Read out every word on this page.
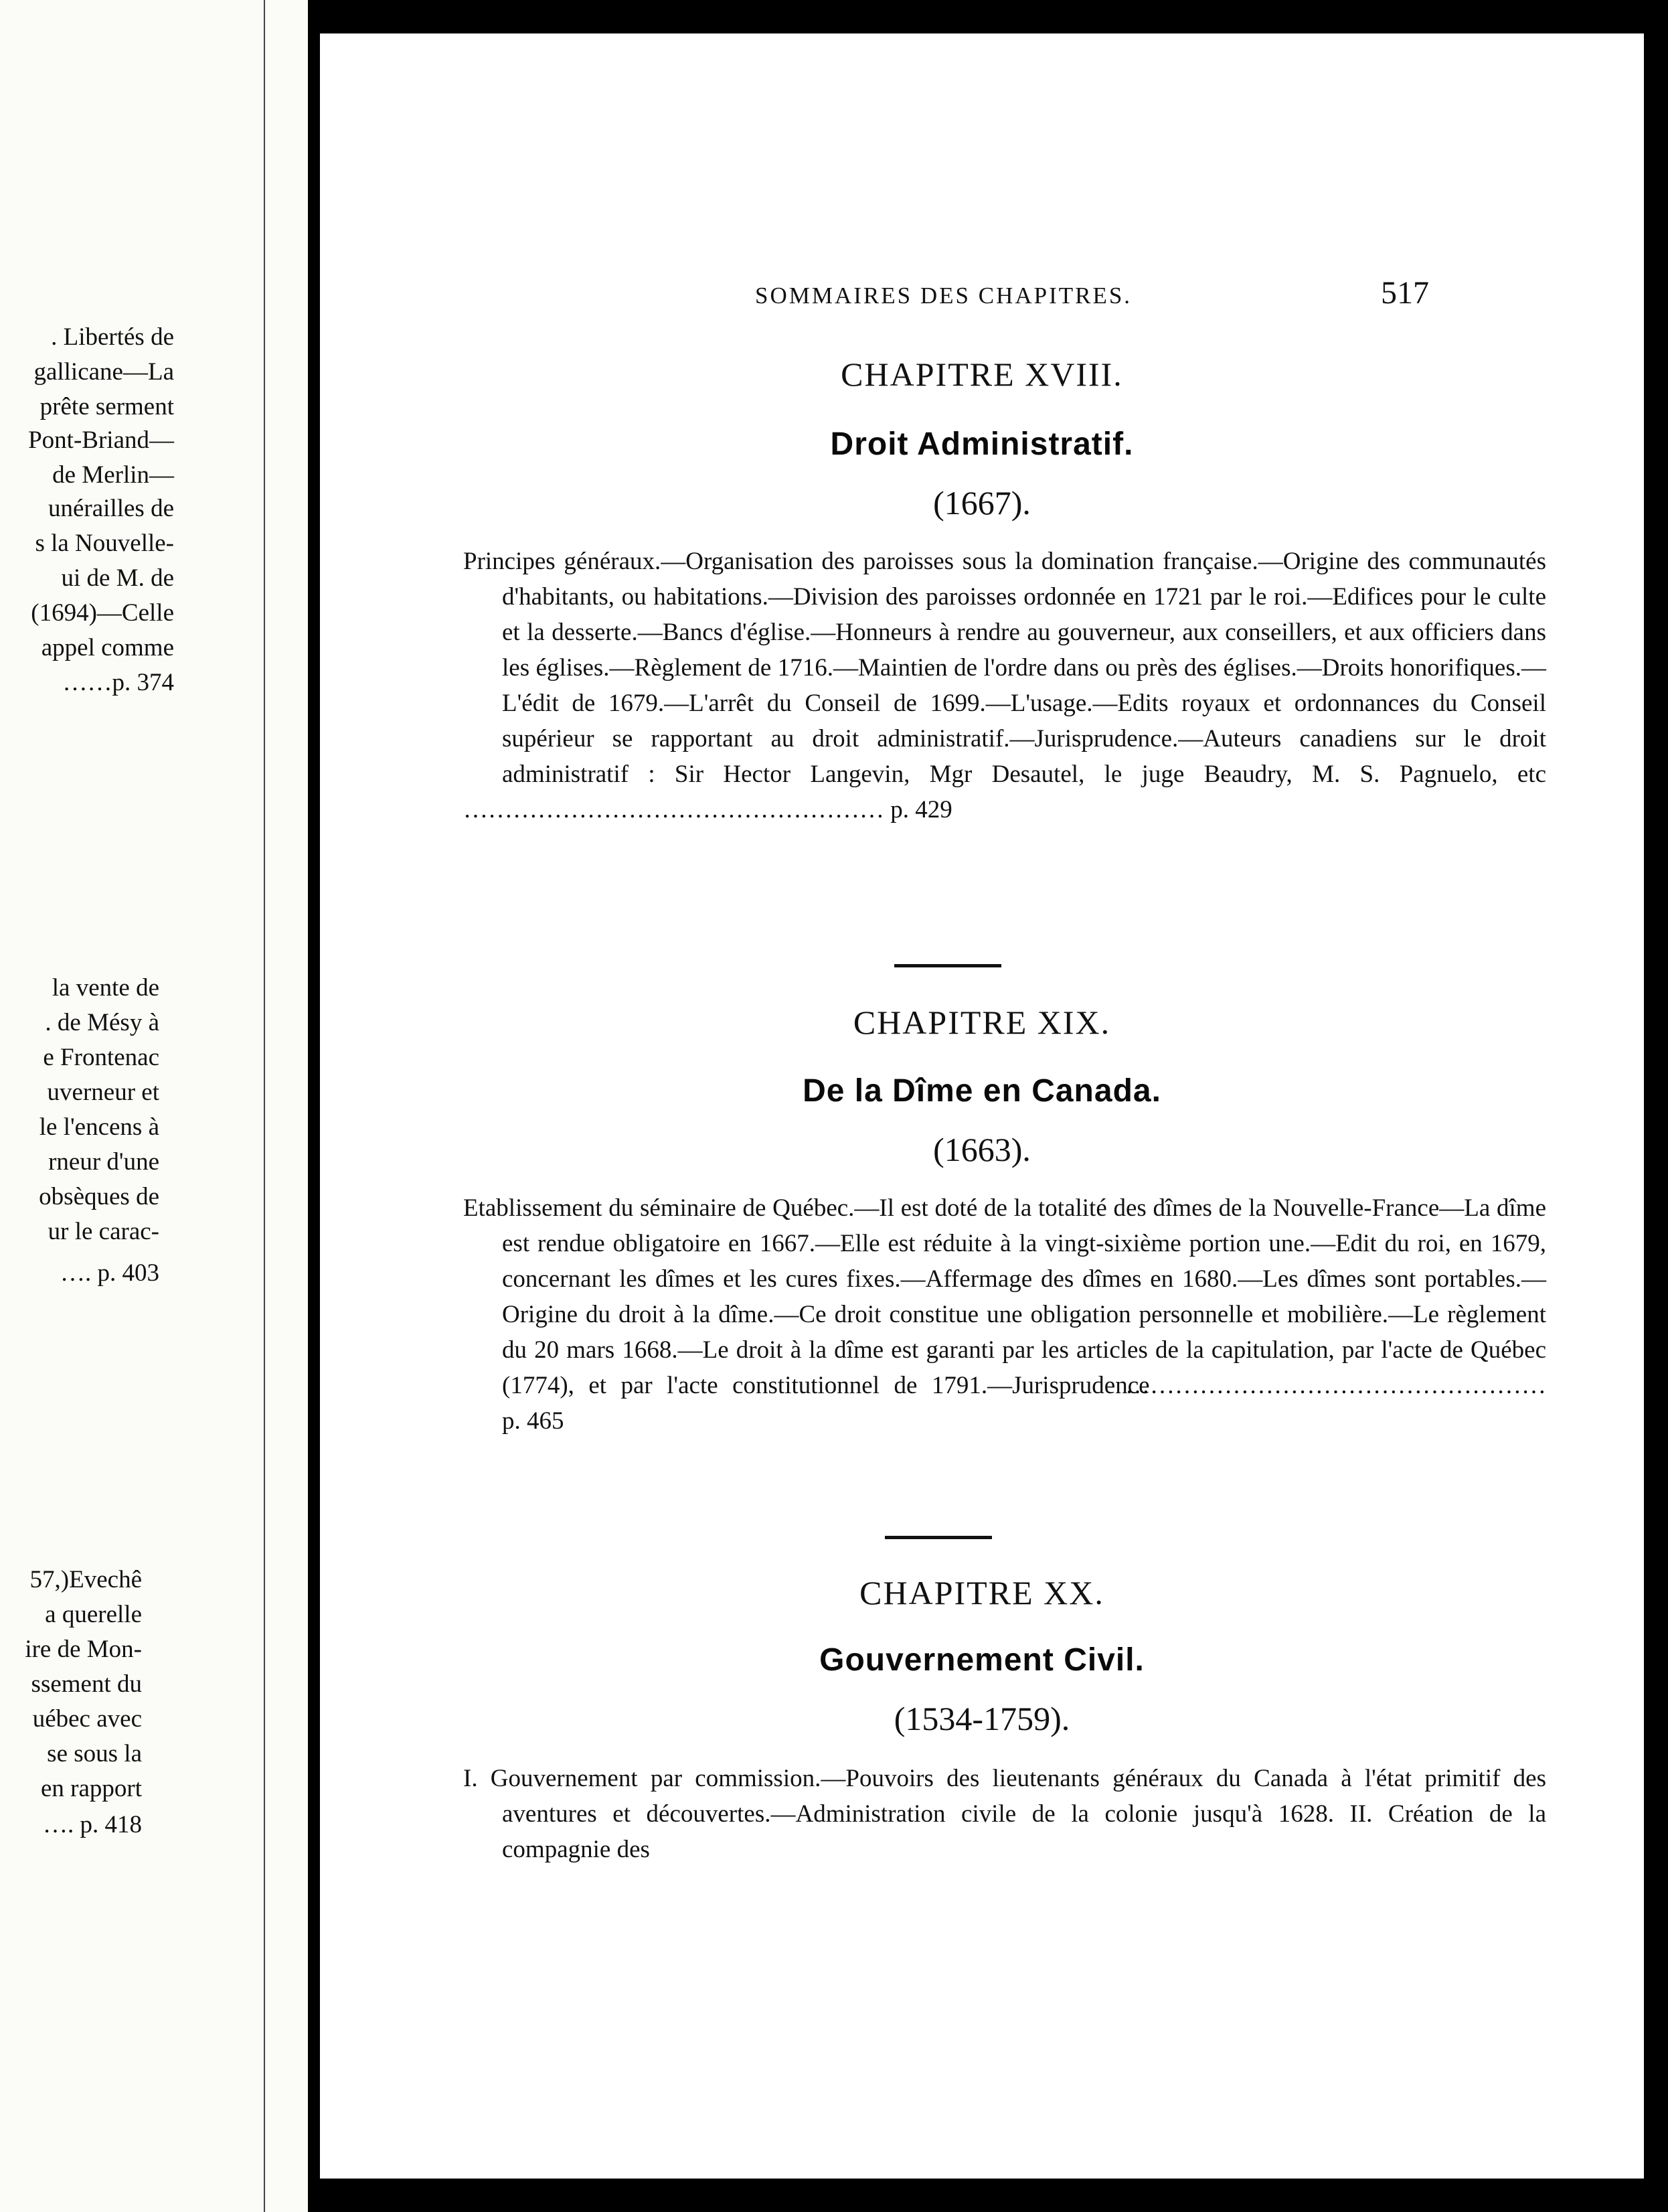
. Libertés de
gallicane—La
prête serment
Pont-Briand—
de Merlin—
unérailles de
s la Nouvelle-
ui de M. de
(1694)—Celle
appel comme
……p. 374
la vente de
. de Mésy à
e Frontenac
uverneur et
le l'encens à
rneur d'une
obsèques de
ur le carac-
…. p. 403
57,)Evechê
a querelle
ire de Mon-
ssement du
uébec avec
se sous la
en rapport
…. p. 418
SOMMAIRES DES CHAPITRES.	517
CHAPITRE XVIII.
Droit Administratif.
(1667).
Principes généraux.—Organisation des paroisses sous la domination française.—Origine des communautés d'habitants, ou habitations.—Division des paroisses ordonnée en 1721 par le roi.—Edifices pour le culte et la desserte.—Bancs d'église.—Honneurs à rendre au gouverneur, aux conseillers, et aux officiers dans les églises.—Règlement de 1716.—Maintien de l'ordre dans ou près des églises.—Droits honorifiques.—L'édit de 1679.—L'arrêt du Conseil de 1699.—L'usage.—Edits royaux et ordonnances du Conseil supérieur se rapportant au droit administratif.—Jurisprudence.—Auteurs canadiens sur le droit administratif : Sir Hector Langevin, Mgr Desautel, le juge Beaudry, M. S. Pagnuelo, etc …………………………………………… p. 429
CHAPITRE XIX.
De la Dîme en Canada.
(1663).
Etablissement du séminaire de Québec.—Il est doté de la totalité des dîmes de la Nouvelle-France—La dîme est rendue obligatoire en 1667.—Elle est réduite à la vingt-sixième portion une.—Edit du roi, en 1679, concernant les dîmes et les cures fixes.—Affermage des dîmes en 1680.—Les dîmes sont portables.—Origine du droit à la dîme.—Ce droit constitue une obligation personnelle et mobilière.—Le règlement du 20 mars 1668.—Le droit à la dîme est garanti par les articles de la capitulation, par l'acte de Québec (1774), et par l'acte constitutionnel de 1791.—Jurisprudence …………………………………………… p. 465
CHAPITRE XX.
Gouvernement Civil.
(1534-1759).
I. Gouvernement par commission.—Pouvoirs des lieutenants généraux du Canada à l'état primitif des aventures et découvertes.—Administration civile de la colonie jusqu'à 1628. II. Création de la compagnie des
